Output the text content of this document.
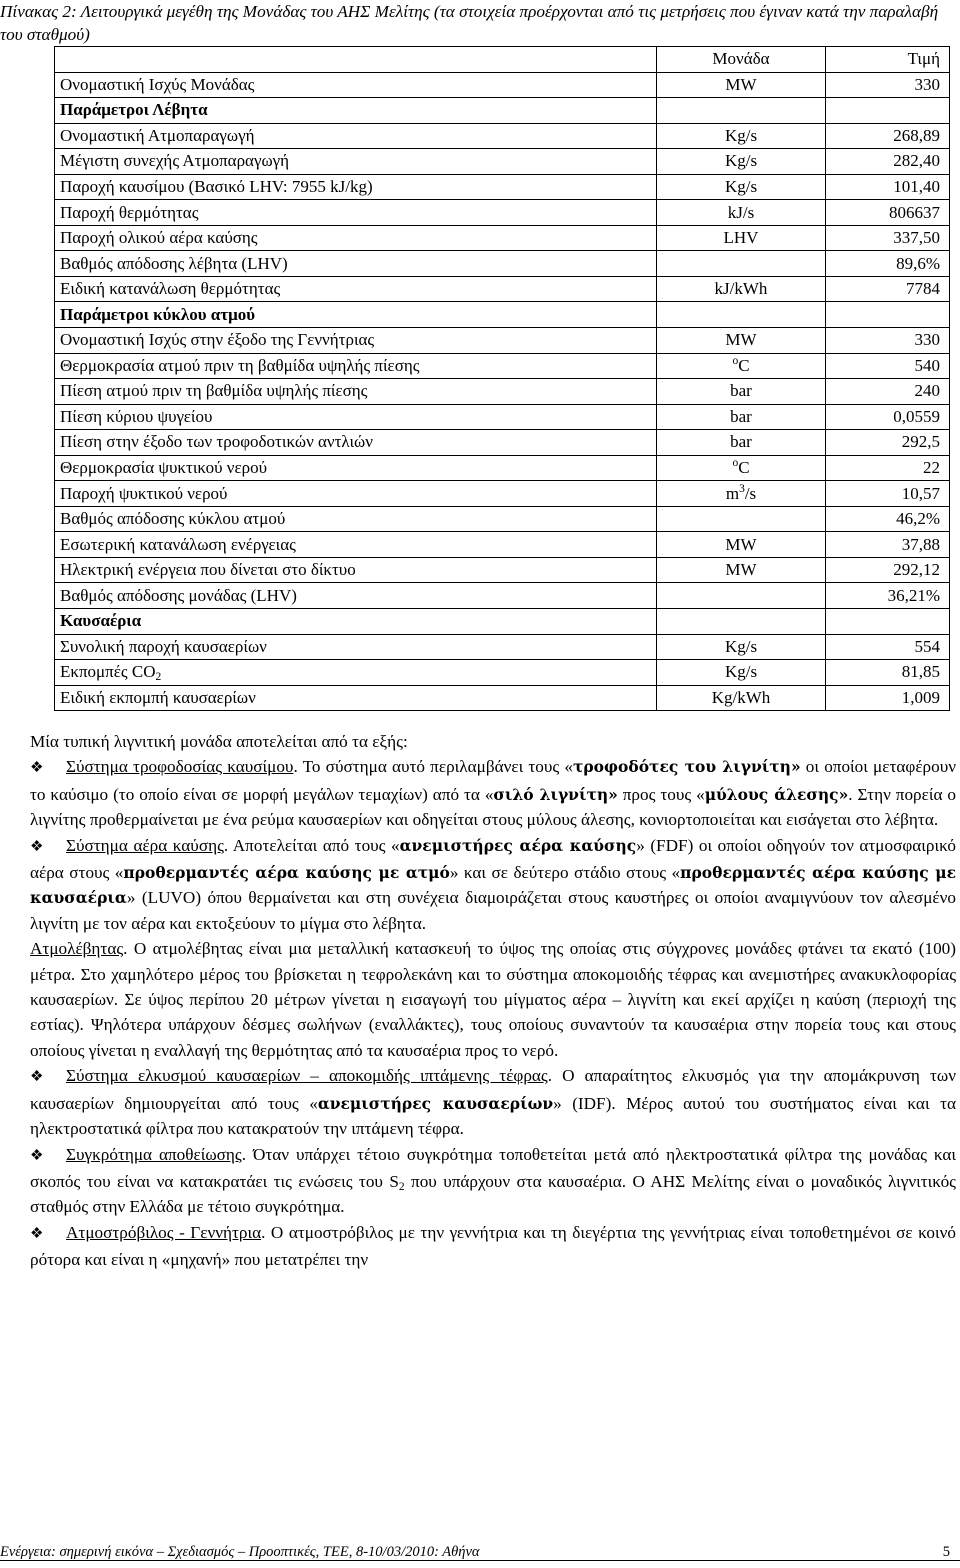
Πίνακας 2: Λειτουργικά μεγέθη της Μονάδας του ΑΗΣ Μελίτης (τα στοιχεία προέρχονται από τις μετρήσεις που έγιναν κατά την παραλαβή του σταθμού)
	Μονάδα	Τιμή
Ονομαστική Ισχύς Μονάδας	MW	330
Παράμετροι Λέβητα		
Ονομαστική Ατμοπαραγωγή	Kg/s	268,89
Μέγιστη συνεχής Ατμοπαραγωγή	Kg/s	282,40
Παροχή καυσίμου (Βασικό LHV: 7955 kJ/kg)	Kg/s	101,40
Παροχή θερμότητας	kJ/s	806637
Παροχή ολικού αέρα καύσης	LHV	337,50
Βαθμός απόδοσης λέβητα (LHV)		89,6%
Ειδική κατανάλωση θερμότητας	kJ/kWh	7784
Παράμετροι κύκλου ατμού		
Ονομαστική Ισχύς στην έξοδο της Γεννήτριας	MW	330
Θερμοκρασία ατμού πριν τη βαθμίδα υψηλής πίεσης	$^o$C	540
Πίεση ατμού πριν τη βαθμίδα υψηλής πίεσης	bar	240
Πίεση κύριου ψυγείου	bar	0,0559
Πίεση στην έξοδο των τροφοδοτικών αντλιών	bar	292,5
Θερμοκρασία ψυκτικού νερού	$^o$C	22
Παροχή ψυκτικού νερού	$m^3/s$	10,57
Βαθμός απόδοσης κύκλου ατμού		46,2%
Εσωτερική κατανάλωση ενέργειας	MW	37,88
Ηλεκτρική ενέργεια που δίνεται στο δίκτυο	MW	292,12
Βαθμός απόδοσης μονάδας (LHV)		36,21%
Καυσαέρια		
Συνολική παροχή καυσαερίων	Kg/s	554
Εκπομπές $CO_2$	Kg/s	81,85
Ειδική εκπομπή καυσαερίων	Kg/kWh	1,009

Μία τυπική λιγνιτική μονάδα αποτελείται από τα εξής:

❖ Σύστημα τροφοδοσίας καυσίμου. Το σύστημα αυτό περιλαμβάνει τους «τροφοδότες του λιγνίτη» οι οποίοι μεταφέρουν το καύσιμο (το οποίο είναι σε μορφή μεγάλων τεμαχίων) από τα «σιλό λιγνίτη» προς τους «μύλους άλεσης». Στην πορεία ο λιγνίτης προθερμαίνεται με ένα ρεύμα καυσαερίων και οδηγείται στους μύλους άλεσης, κονιορτοποιείται και εισάγεται στο λέβητα.

❖ Σύστημα αέρα καύσης. Αποτελείται από τους «ανεμιστήρες αέρα καύσης» (FDF) οι οποίοι οδηγούν τον ατμοσφαιρικό αέρα στους «προθερμαντές αέρα καύσης με ατμό» και σε δεύτερο στάδιο στους «προθερμαντές αέρα καύσης με καυσαέρια» (LUVO) όπου θερμαίνεται και στη συνέχεια διαμοιράζεται στους καυστήρες οι οποίοι αναμιγνύουν τον αλεσμένο λιγνίτη με τον αέρα και εκτοξεύουν το μίγμα στο λέβητα.

Ατμολέβητας. Ο ατμολέβητας είναι μια μεταλλική κατασκευή το ύψος της οποίας στις σύγχρονες μονάδες φτάνει τα εκατό (100) μέτρα. Στο χαμηλότερο μέρος του βρίσκεται η τεφρολεκάνη και το σύστημα αποκομοιδής τέφρας και ανεμιστήρες ανακυκλοφορίας καυσαερίων. Σε ύψος περίπου 20 μέτρων γίνεται η εισαγωγή του μίγματος αέρα – λιγνίτη και εκεί αρχίζει η καύση (περιοχή της εστίας). Ψηλότερα υπάρχουν δέσμες σωλήνων (εναλλάκτες), τους οποίους συναντούν τα καυσαέρια στην πορεία τους και στους οποίους γίνεται η εναλλαγή της θερμότητας από τα καυσαέρια προς το νερό.

❖ Σύστημα ελκυσμού καυσαερίων – αποκομιδής ιπτάμενης τέφρας. Ο απαραίτητος ελκυσμός για την απομάκρυνση των καυσαερίων δημιουργείται από τους «ανεμιστήρες καυσαερίων» (IDF). Μέρος αυτού του συστήματος είναι και τα ηλεκτροστατικά φίλτρα που κατακρατούν την ιπτάμενη τέφρα.

❖ Συγκρότημα αποθείωσης. Όταν υπάρχει τέτοιο συγκρότημα τοποθετείται μετά από ηλεκτροστατικά φίλτρα της μονάδας και σκοπός του είναι να κατακρατάει τις ενώσεις του $S_2$ που υπάρχουν στα καυσαέρια. Ο ΑΗΣ Μελίτης είναι ο μοναδικός λιγνιτικός σταθμός στην Ελλάδα με τέτοιο συγκρότημα.

❖ Ατμοστρόβιλος - Γεννήτρια. Ο ατμοστρόβιλος με την γεννήτρια και τη διεγέρτια της γεννήτριας είναι τοποθετημένοι σε κοινό ρότορα και είναι η «μηχανή» που μετατρέπει την

Ενέργεια: σημερινή εικόνα – Σχεδιασμός – Προοπτικές, ΤΕΕ, 8-10/03/2010: Αθήνα	5
